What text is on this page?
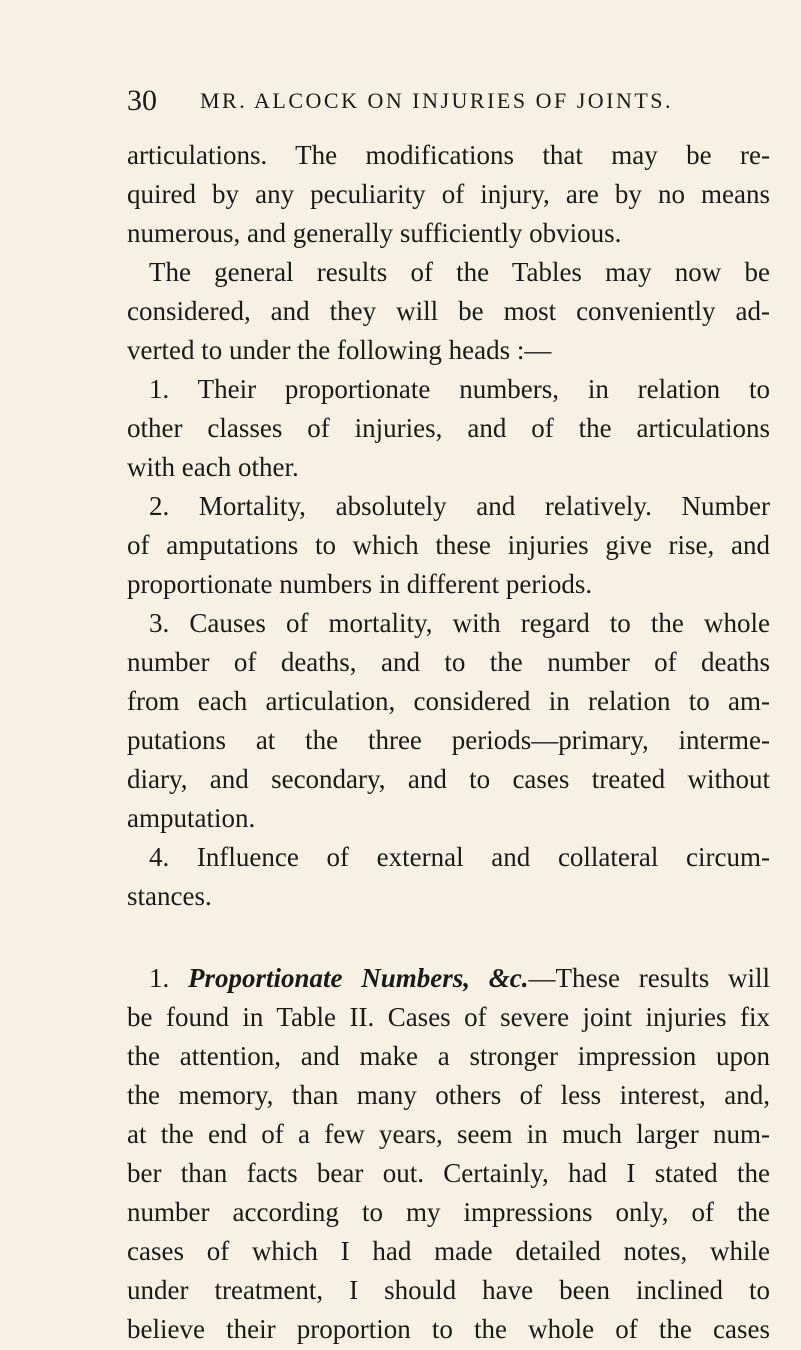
30 MR. ALCOCK ON INJURIES OF JOINTS.
articulations. The modifications that may be re-
quired by any peculiarity of injury, are by no means
numerous, and generally sufficiently obvious.
The general results of the Tables may now be
considered, and they will be most conveniently ad-
verted to under the following heads :—
1. Their proportionate numbers, in relation to
other classes of injuries, and of the articulations
with each other.
2. Mortality, absolutely and relatively. Number
of amputations to which these injuries give rise, and
proportionate numbers in different periods.
3. Causes of mortality, with regard to the whole
number of deaths, and to the number of deaths
from each articulation, considered in relation to am-
putations at the three periods—primary, interme-
diary, and secondary, and to cases treated without
amputation.
4. Influence of external and collateral circum-
stances.
1. Proportionate Numbers, &c.—These results will
be found in Table II. Cases of severe joint injuries fix
the attention, and make a stronger impression upon
the memory, than many others of less interest, and,
at the end of a few years, seem in much larger num-
ber than facts bear out. Certainly, had I stated the
number according to my impressions only, of the
cases of which I had made detailed notes, while
under treatment, I should have been inclined to
believe their proportion to the whole of the cases
